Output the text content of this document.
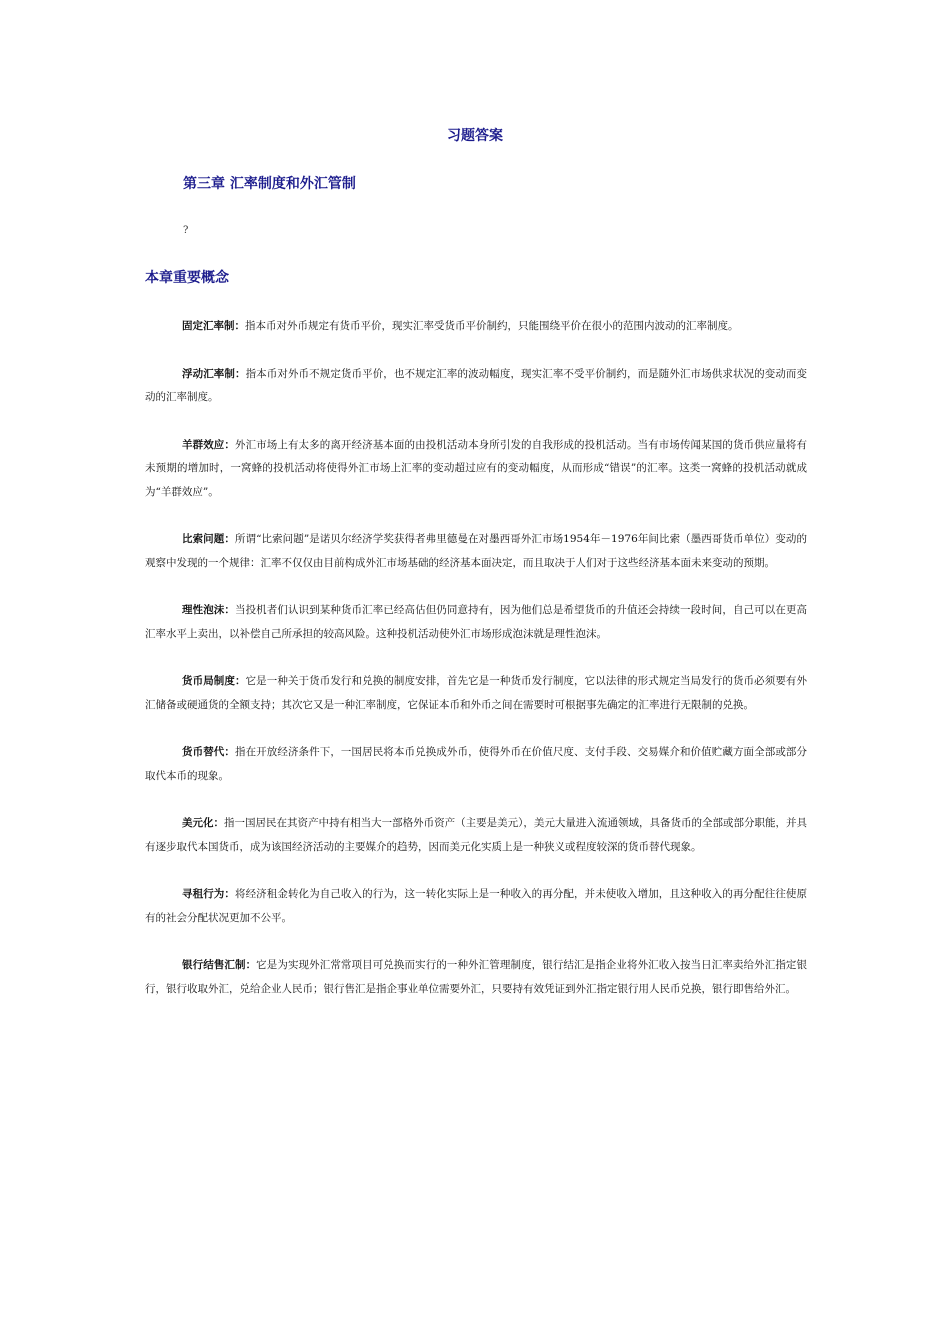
习题答案
第三章 汇率制度和外汇管制
?
本章重要概念

固定汇率制：指本币对外币规定有货币平价，现实汇率受货币平价制约，只能围绕平价在很小的范围内波动的汇率制度。

浮动汇率制：指本币对外币不规定货币平价，也不规定汇率的波动幅度，现实汇率不受平价制约，而是随外汇市场供求状况的变动而变动的汇率制度。

羊群效应：外汇市场上有太多的离开经济基本面的由投机活动本身所引发的自我形成的投机活动。当有市场传闻某国的货币供应量将有未预期的增加时，一窝蜂的投机活动将使得外汇市场上汇率的变动超过应有的变动幅度，从而形成“错误”的汇率。这类一窝蜂的投机活动就成为“羊群效应”。

比索问题：所谓“比索问题”是诺贝尔经济学奖获得者弗里德曼在对墨西哥外汇市场1954年－1976年间比索（墨西哥货币单位）变动的观察中发现的一个规律：汇率不仅仅由目前构成外汇市场基础的经济基本面决定，而且取决于人们对于这些经济基本面未来变动的预期。

理性泡沫：当投机者们认识到某种货币汇率已经高估但仍同意持有，因为他们总是希望货币的升值还会持续一段时间，自己可以在更高汇率水平上卖出，以补偿自己所承担的较高风险。这种投机活动使外汇市场形成泡沫就是理性泡沫。

货币局制度：它是一种关于货币发行和兑换的制度安排，首先它是一种货币发行制度，它以法律的形式规定当局发行的货币必须要有外汇储备或硬通货的全额支持；其次它又是一种汇率制度，它保证本币和外币之间在需要时可根据事先确定的汇率进行无限制的兑换。

货币替代：指在开放经济条件下，一国居民将本币兑换成外币，使得外币在价值尺度、支付手段、交易媒介和价值贮藏方面全部或部分取代本币的现象。

美元化：指一国居民在其资产中持有相当大一部格外币资产（主要是美元），美元大量进入流通领域，具备货币的全部或部分职能，并具有逐步取代本国货币，成为该国经济活动的主要媒介的趋势，因而美元化实质上是一种狭义或程度较深的货币替代现象。

寻租行为：将经济租金转化为自己收入的行为，这一转化实际上是一种收入的再分配，并未使收入增加，且这种收入的再分配往往使原有的社会分配状况更加不公平。

银行结售汇制：它是为实现外汇常常项目可兑换而实行的一种外汇管理制度，银行结汇是指企业将外汇收入按当日汇率卖给外汇指定银行，银行收取外汇，兑给企业人民币；银行售汇是指企事业单位需要外汇，只要持有效凭证到外汇指定银行用人民币兑换，银行即售给外汇。
